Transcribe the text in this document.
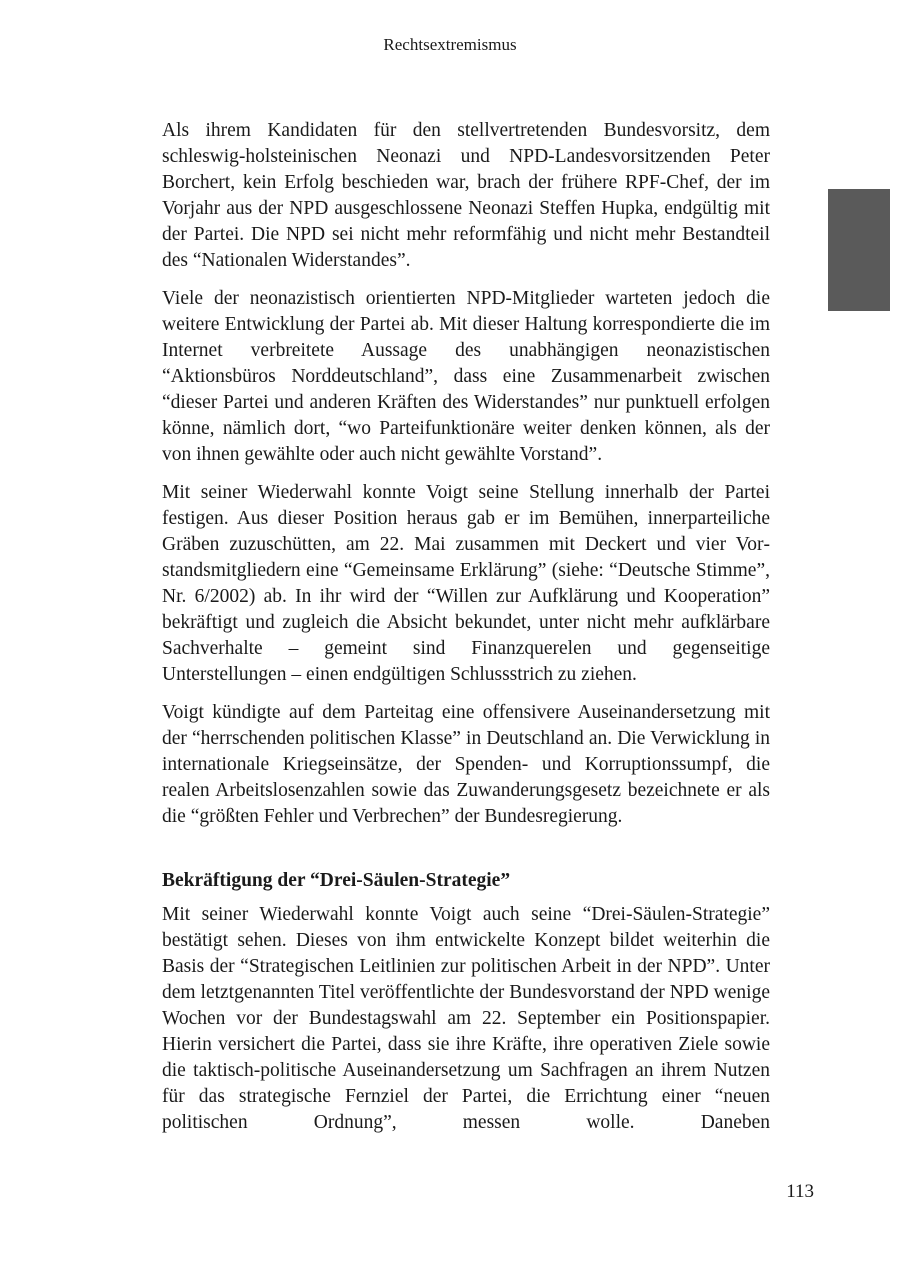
Rechtsextremismus

Als ihrem Kandidaten für den stellvertretenden Bundesvorsitz, dem schleswig-holsteinischen Neonazi und NPD-Landesvorsitzenden Peter Borchert, kein Erfolg beschieden war, brach der frühere RPF-Chef, der im Vorjahr aus der NPD ausgeschlossene Neonazi Steffen Hupka, endgültig mit der Partei. Die NPD sei nicht mehr reformfähig und nicht mehr Bestandteil des “Nationalen Widerstandes”.

Viele der neonazistisch orientierten NPD-Mitglieder warteten jedoch die weitere Entwicklung der Partei ab. Mit dieser Haltung korrespondierte die im Internet verbreitete Aussage des unabhängigen neonazistischen “Aktionsbüros Norddeutschland”, dass eine Zusammenarbeit zwischen “dieser Partei und anderen Kräften des Widerstandes” nur punktuell erfolgen könne, nämlich dort, “wo Parteifunktionäre weiter denken können, als der von ihnen gewählte oder auch nicht gewählte Vorstand”.

Mit seiner Wiederwahl konnte Voigt seine Stellung innerhalb der Partei festigen. Aus dieser Position heraus gab er im Bemühen, innerparteiliche Gräben zuzuschütten, am 22. Mai zusammen mit Deckert und vier Vorstandsmitgliedern eine “Gemeinsame Erklärung” (siehe: “Deutsche Stimme”, Nr. 6/2002) ab. In ihr wird der “Willen zur Aufklärung und Kooperation” bekräftigt und zugleich die Absicht bekundet, unter nicht mehr aufklärbare Sachverhalte – gemeint sind Finanzquerelen und gegenseitige Unterstellungen – einen endgültigen Schlussstrich zu ziehen.

Voigt kündigte auf dem Parteitag eine offensivere Auseinandersetzung mit der “herrschenden politischen Klasse” in Deutschland an. Die Verwicklung in internationale Kriegseinsätze, der Spenden- und Korruptionssumpf, die realen Arbeitslosenzahlen sowie das Zuwanderungsgesetz bezeichnete er als die “größten Fehler und Verbrechen” der Bundesregierung.

Bekräftigung der “Drei-Säulen-Strategie”

Mit seiner Wiederwahl konnte Voigt auch seine “Drei-Säulen-Strategie” bestätigt sehen. Dieses von ihm entwickelte Konzept bildet weiterhin die Basis der “Strategischen Leitlinien zur politischen Arbeit in der NPD”. Unter dem letztgenannten Titel veröffentlichte der Bundesvorstand der NPD wenige Wochen vor der Bundestagswahl am 22. September ein Positionspapier. Hierin versichert die Partei, dass sie ihre Kräfte, ihre operativen Ziele sowie die taktisch-politische Auseinandersetzung um Sachfragen an ihrem Nutzen für das strategische Fernziel der Partei, die Errichtung einer “neuen politischen Ordnung”, messen wolle. Daneben

113
